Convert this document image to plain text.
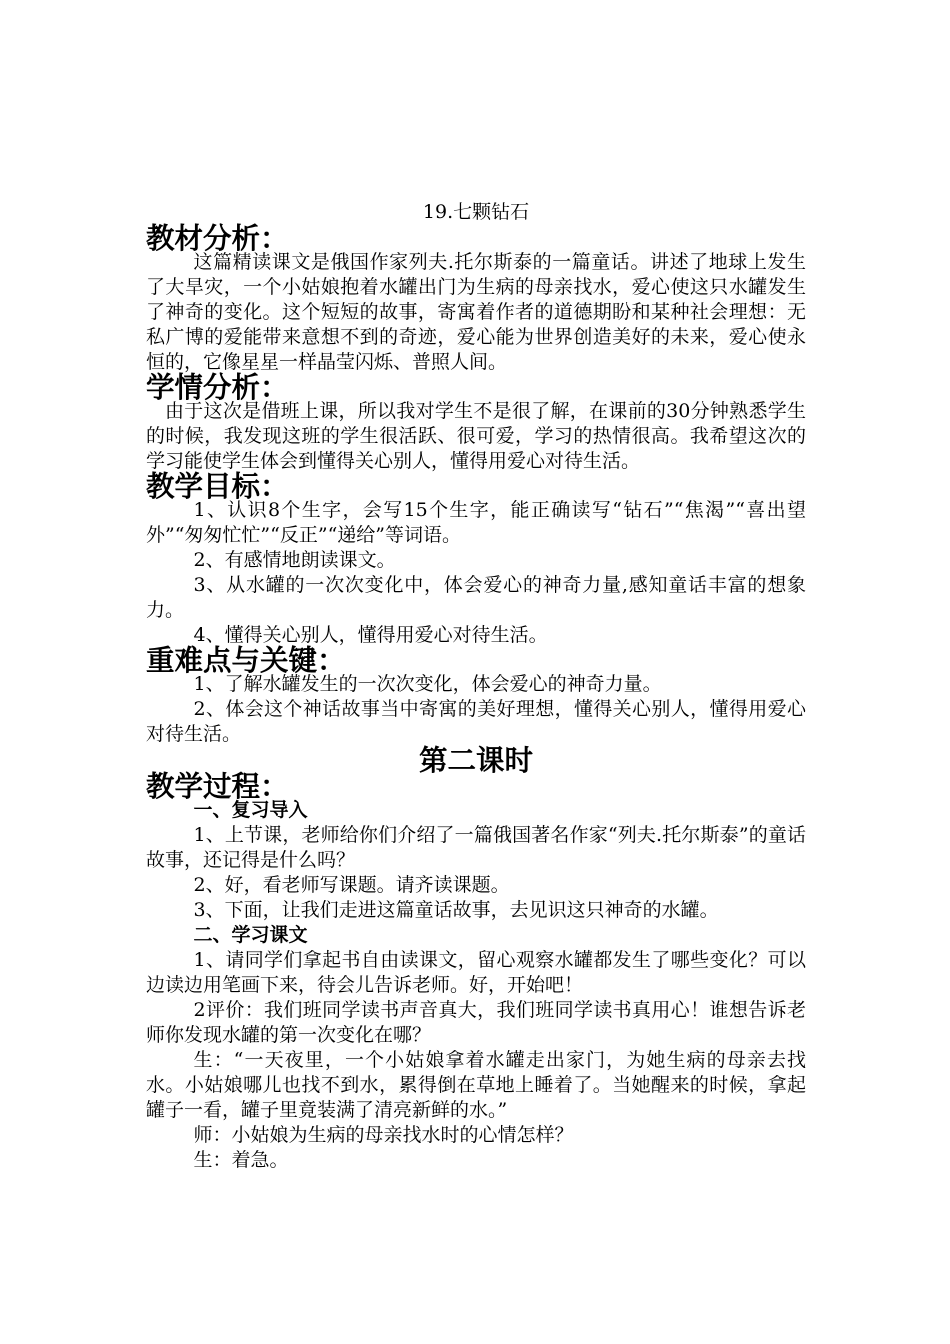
19.七颗钻石
教材分析：

这篇精读课文是俄国作家列夫.托尔斯泰的一篇童话。讲述了地球上发生了大旱灾，一个小姑娘抱着水罐出门为生病的母亲找水，爱心使这只水罐发生了神奇的变化。这个短短的故事，寄寓着作者的道德期盼和某种社会理想：无私广博的爱能带来意想不到的奇迹，爱心能为世界创造美好的未来，爱心使永恒的，它像星星一样晶莹闪烁、普照人间。

学情分析：

由于这次是借班上课，所以我对学生不是很了解，在课前的30分钟熟悉学生的时候，我发现这班的学生很活跃、很可爱，学习的热情很高。我希望这次的学习能使学生体会到懂得关心别人，懂得用爱心对待生活。

教学目标：

1、认识8个生字，会写15个生字，能正确读写“钻石”“焦渴”“喜出望外”“匆匆忙忙”“反正”“递给”等词语。

2、有感情地朗读课文。

3、从水罐的一次次变化中，体会爱心的神奇力量,感知童话丰富的想象力。

4、懂得关心别人，懂得用爱心对待生活。

重难点与关键：

1、了解水罐发生的一次次变化，体会爱心的神奇力量。

2、体会这个神话故事当中寄寓的美好理想，懂得关心别人，懂得用爱心对待生活。

第二课时
教学过程：

一、复习导入

1、上节课，老师给你们介绍了一篇俄国著名作家“列夫.托尔斯泰”的童话故事，还记得是什么吗？

2、好，看老师写课题。请齐读课题。

3、下面，让我们走进这篇童话故事，去见识这只神奇的水罐。

二、学习课文

1、请同学们拿起书自由读课文，留心观察水罐都发生了哪些变化？可以边读边用笔画下来，待会儿告诉老师。好，开始吧！

2评价：我们班同学读书声音真大，我们班同学读书真用心！谁想告诉老师你发现水罐的第一次变化在哪？

生：“一天夜里，一个小姑娘拿着水罐走出家门，为她生病的母亲去找水。小姑娘哪儿也找不到水，累得倒在草地上睡着了。当她醒来的时候，拿起罐子一看，罐子里竟装满了清亮新鲜的水。”

师：小姑娘为生病的母亲找水时的心情怎样？

生：着急。
